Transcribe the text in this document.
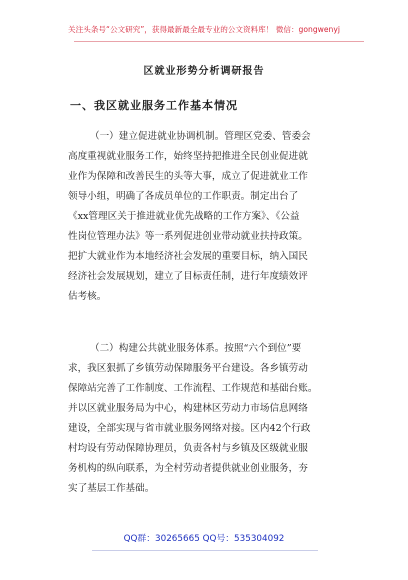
关注头条号“公文研究”，获得最新最全最专业的公文资料库！ 微信：gongwenyj
区就业形势分析调研报告
一、我区就业服务工作基本情况
（一）建立促进就业协调机制。管理区党委、管委会
高度重视就业服务工作，始终坚持把推进全民创业促进就
业作为保障和改善民生的头等大事，成立了促进就业工作
领导小组，明确了各成员单位的工作职责。制定出台了
《xx管理区关于推进就业优先战略的工作方案》、《公益
性岗位管理办法》等一系列促进创业带动就业扶持政策。
把扩大就业作为本地经济社会发展的重要目标，纳入国民
经济社会发展规划，建立了目标责任制，进行年度绩效评
估考核。
（二）构建公共就业服务体系。按照“六个到位”要
求，我区狠抓了乡镇劳动保障服务平台建设。各乡镇劳动
保障站完善了工作制度、工作流程、工作规范和基础台账。
并以区就业服务局为中心，构建林区劳动力市场信息网络
建设，全部实现与省市就业服务网络对接。区内42个行政
村均设有劳动保障协理员，负责各村与乡镇及区级就业服
务机构的纵向联系，为全村劳动者提供就业创业服务，夯
实了基层工作基础。
QQ群：30265665 QQ号：535304092
